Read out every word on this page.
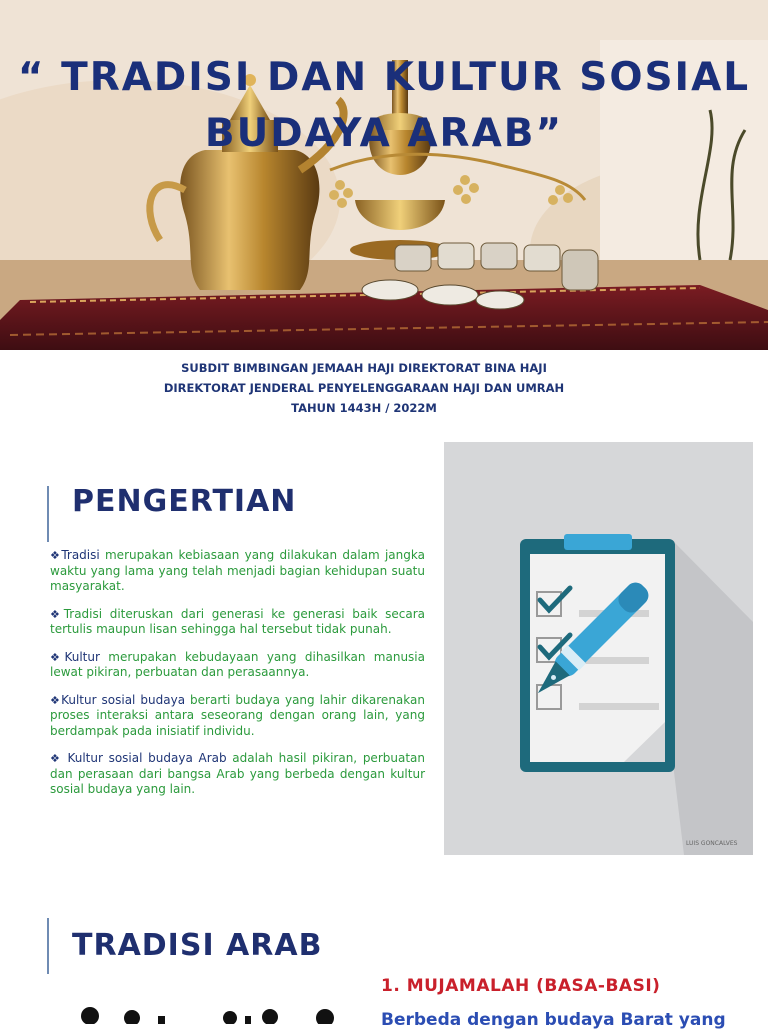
“ TRADISI DAN KULTUR SOSIAL
BUDAYA ARAB”
SUBDIT BIMBINGAN JEMAAH HAJI DIREKTORAT BINA HAJI
DIREKTORAT JENDERAL PENYELENGGARAAN HAJI DAN UMRAH
TAHUN 1443H / 2022M
PENGERTIAN

❖Tradisi merupakan kebiasaan yang dilakukan dalam jangka waktu yang lama yang telah menjadi bagian kehidupan suatu masyarakat.

❖Tradisi diteruskan dari generasi ke generasi baik secara tertulis maupun lisan sehingga hal tersebut tidak punah.

❖Kultur merupakan kebudayaan yang dihasilkan manusia lewat pikiran, perbuatan dan perasaannya.

❖Kultur sosial budaya berarti budaya yang lahir dikarenakan proses interaksi antara seseorang dengan orang lain, yang berdampak pada inisiatif individu.

❖ Kultur sosial budaya Arab adalah hasil pikiran, perbuatan dan perasaan dari bangsa Arab yang berbeda dengan kultur sosial budaya yang lain.

LUIS GONCALVES
TRADISI ARAB
1. MUJAMALAH (BASA-BASI)

Berbeda dengan budaya Barat yang
